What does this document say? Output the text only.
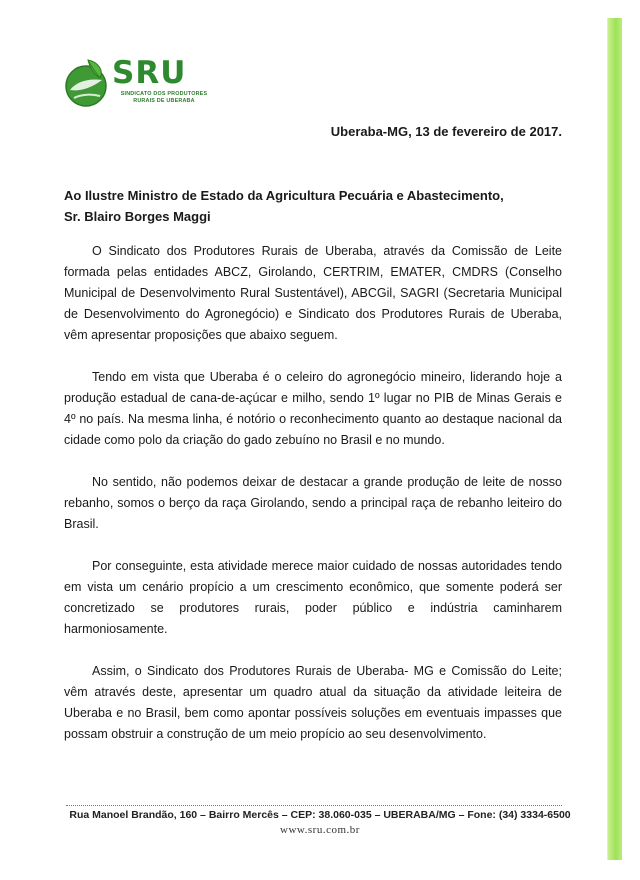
SRU
SINDICATO DOS PRODUTORES
RURAIS DE UBERABA
Uberaba-MG, 13 de fevereiro de 2017.
Ao Ilustre Ministro de Estado da Agricultura Pecuária e Abastecimento,
Sr. Blairo Borges Maggi

O Sindicato dos Produtores Rurais de Uberaba, através da Comissão de Leite formada pelas entidades ABCZ, Girolando, CERTRIM, EMATER, CMDRS (Conselho Municipal de Desenvolvimento Rural Sustentável), ABCGil, SAGRI (Secretaria Municipal de Desenvolvimento do Agronegócio) e Sindicato dos Produtores Rurais de Uberaba, vêm apresentar proposições que abaixo seguem.

Tendo em vista que Uberaba é o celeiro do agronegócio mineiro, liderando hoje a produção estadual de cana-de-açúcar e milho, sendo 1º lugar no PIB de Minas Gerais e 4º no país. Na mesma linha, é notório o reconhecimento quanto ao destaque nacional da cidade como polo da criação do gado zebuíno no Brasil e no mundo.

No sentido, não podemos deixar de destacar a grande produção de leite de nosso rebanho, somos o berço da raça Girolando, sendo a principal raça de rebanho leiteiro do Brasil.

Por conseguinte, esta atividade merece maior cuidado de nossas autoridades tendo em vista um cenário propício a um crescimento econômico, que somente poderá ser concretizado se produtores rurais, poder público e indústria caminharem harmoniosamente.

Assim, o Sindicato dos Produtores Rurais de Uberaba- MG e Comissão do Leite; vêm através deste, apresentar um quadro atual da situação da atividade leiteira de Uberaba e no Brasil, bem como apontar possíveis soluções em eventuais impasses que possam obstruir a construção de um meio propício ao seu desenvolvimento.

Rua Manoel Brandão, 160 – Bairro Mercês – CEP: 38.060-035 – UBERABA/MG – Fone: (34) 3334-6500
www.sru.com.br
